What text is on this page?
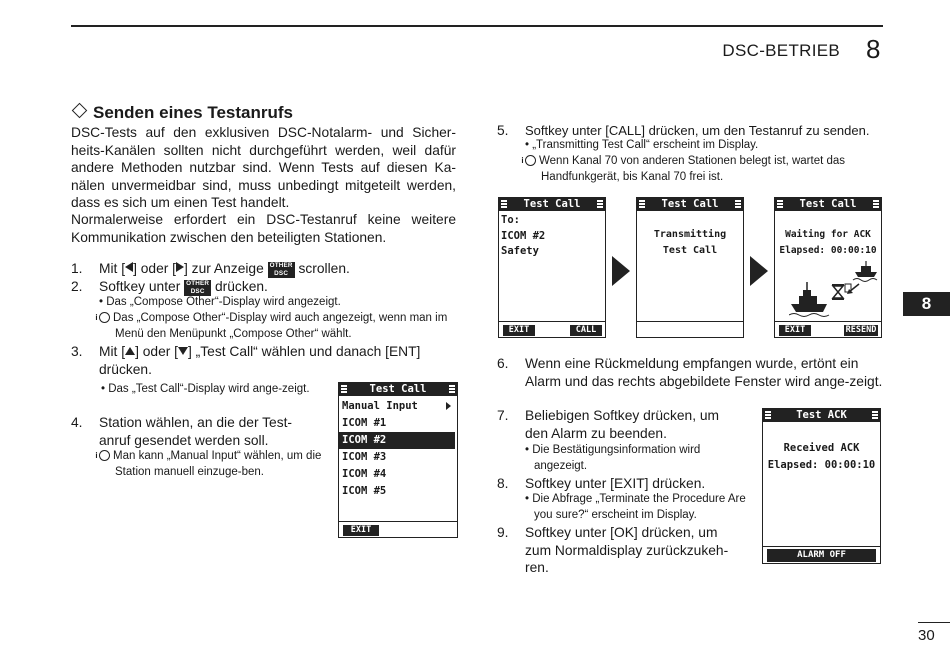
DSC-BETRIEB 8
8
Senden eines Testanrufs
DSC-Tests auf den exklusiven DSC-Notalarm- und Sicher-heits-Kanälen sollten nicht durchgeführt werden, weil dafür andere Methoden nutzbar sind. Wenn Tests auf diesen Ka-nälen unvermeidbar sind, muss unbedingt mitgeteilt werden, dass es sich um einen Test handelt.
Normalerweise erfordert ein DSC-Testanruf keine weitere Kommunikation zwischen den beteiligten Stationen.
1. Mit [ ] oder [ ] zur Anzeige OTHER
DSC scrollen.
2. Softkey unter OTHER
DSC drücken.
• Das „Compose Other“-Display wird angezeigt.
i Das „Compose Other“-Display wird auch angezeigt, wenn man im Menü den Menüpunkt „Compose Other“ wählt.
3. Mit [ ] oder [ ] „Test Call“ wählen und danach [ENT] drücken.
• Das „Test Call“-Display wird ange-zeigt.
4. Station wählen, an die der Test-anruf gesendet werden soll.
i Man kann „Manual Input“ wählen, um die Station manuell einzuge-ben.
Test Call
Manual Input
ICOM #1
ICOM #2
ICOM #3
ICOM #4
ICOM #5
EXIT
5. Softkey unter [CALL] drücken, um den Testanruf zu senden.
• „Transmitting Test Call“ erscheint im Display.
i Wenn Kanal 70 von anderen Stationen belegt ist, wartet das Handfunkgerät, bis Kanal 70 frei ist.
Test Call
To:
ICOM #2
Safety
EXIT	CALL
Test Call
Transmitting
Test Call
Test Call
Waiting for ACK
Elapsed: 00:00:10
EXIT	RESEND
6. Wenn eine Rückmeldung empfangen wurde, ertönt ein Alarm und das rechts abgebildete Fenster wird ange-zeigt.
7. Beliebigen Softkey drücken, um den Alarm zu beenden.
• Die Bestätigungsinformation wird angezeigt.
8. Softkey unter [EXIT] drücken.
• Die Abfrage „Terminate the Procedure Are you sure?“ erscheint im Display.
9. Softkey unter [OK] drücken, um zum Normaldisplay zurückzukeh-ren.
Test ACK
Received ACK
Elapsed: 00:00:10
ALARM OFF
30
